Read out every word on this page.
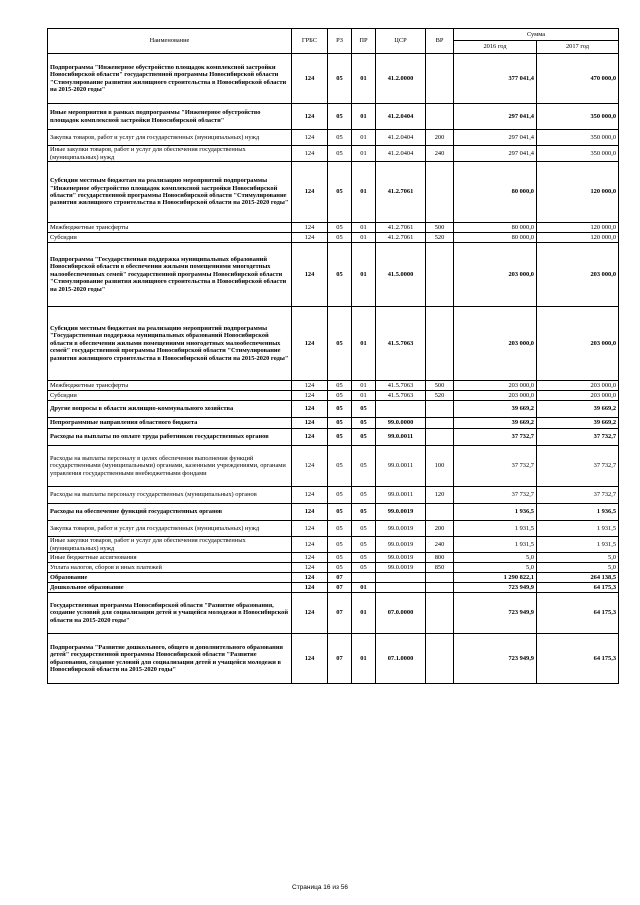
Наименование	ГРБС	РЗ	ПР	ЦСР	ВР	Сумма	
						2016 год	2017 год
Подпрограмма "Инженерное обустройство площадок комплексной застройки Новосибирской области" государственной программы Новосибирской области "Стимулирование развития жилищного строительства в Новосибирской области на 2015-2020 годы"	124	05	01	41.2.0000		377 041,4	470 000,0
Иные мероприятия в рамках подпрограммы "Инженерное обустройство площадок комплексной застройки Новосибирской области"	124	05	01	41.2.0404		297 041,4	350 000,0
Закупка товаров, работ и услуг для государственных (муниципальных) нужд	124	05	01	41.2.0404	200	297 041,4	350 000,0
Иные закупки товаров, работ и услуг для обеспечения государственных (муниципальных) нужд	124	05	01	41.2.0404	240	297 041,4	350 000,0
Субсидии местным бюджетам на реализацию мероприятий подпрограммы "Инженерное обустройство площадок комплексной застройки Новосибирской области" государственной программы Новосибирской области "Стимулирование развития жилищного строительства в Новосибирской области на 2015-2020 годы"	124	05	01	41.2.7061		80 000,0	120 000,0
Межбюджетные трансферты	124	05	01	41.2.7061	500	80 000,0	120 000,0
Субсидии	124	05	01	41.2.7061	520	80 000,0	120 000,0
Подпрограмма "Государственная поддержка муниципальных образований Новосибирской области в обеспечении жилыми помещениями многодетных малообеспеченных семей" государственной программы Новосибирской области "Стимулирование развития жилищного строительства в Новосибирской области на 2015-2020 годы"	124	05	01	41.5.0000		203 000,0	203 000,0
Субсидии местным бюджетам на реализацию мероприятий подпрограммы "Государственная поддержка муниципальных образований Новосибирской области в обеспечении жилыми помещениями многодетных малообеспеченных семей" государственной программы Новосибирской области "Стимулирование развития жилищного строительства в Новосибирской области на 2015-2020 годы"	124	05	01	41.5.7063		203 000,0	203 000,0
Межбюджетные трансферты	124	05	01	41.5.7063	500	203 000,0	203 000,0
Субсидии	124	05	01	41.5.7063	520	203 000,0	203 000,0
Другие вопросы в области жилищно-коммунального хозяйства	124	05	05			39 669,2	39 669,2
Непрограммные направления областного бюджета	124	05	05	99.0.0000		39 669,2	39 669,2
Расходы на выплаты по оплате труда работников государственных органов	124	05	05	99.0.0011		37 732,7	37 732,7
Расходы на выплаты персоналу в целях обеспечения выполнения функций государственными (муниципальными) органами, казенными учреждениями, органами управления государственными внебюджетными фондами	124	05	05	99.0.0011	100	37 732,7	37 732,7
Расходы на выплаты персоналу государственных (муниципальных) органов	124	05	05	99.0.0011	120	37 732,7	37 732,7
Расходы на обеспечение функций государственных органов	124	05	05	99.0.0019		1 936,5	1 936,5
Закупка товаров, работ и услуг для государственных (муниципальных) нужд	124	05	05	99.0.0019	200	1 931,5	1 931,5
Иные закупки товаров, работ и услуг для обеспечения государственных (муниципальных) нужд	124	05	05	99.0.0019	240	1 931,5	1 931,5
Иные бюджетные ассигнования	124	05	05	99.0.0019	800	5,0	5,0
Уплата налогов, сборов и иных платежей	124	05	05	99.0.0019	850	5,0	5,0
Образование	124	07				1 290 822,1	264 138,5
Дошкольное образование	124	07	01			723 949,9	64 175,3
Государственная программа Новосибирской области "Развитие образования, создание условий для социализации детей и учащейся молодежи в Новосибирской области на 2015-2020 годы"	124	07	01	07.0.0000		723 949,9	64 175,3
Подпрограмма "Развитие дошкольного, общего и дополнительного образования детей" государственной программы Новосибирской области "Развитие образования, создание условий для социализации детей и учащейся молодежи в Новосибирской области на 2015-2020 годы"	124	07	01	07.1.0000		723 949,9	64 175,3
Страница 16 из 56
